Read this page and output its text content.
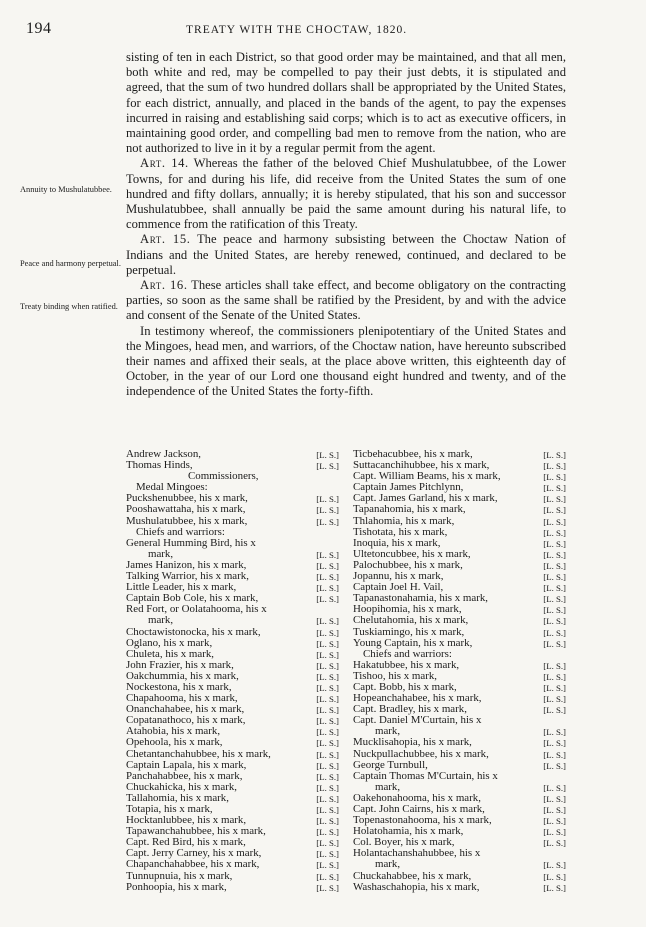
194	TREATY WITH THE CHOCTAW, 1820.
Annuity to Mushulatubbee.
Peace and harmony perpetual.
Treaty binding when ratified.

sisting of ten in each District, so that good order may be maintained, and that all men, both white and red, may be compelled to pay their just debts, it is stipulated and agreed, that the sum of two hundred dollars shall be appropriated by the United States, for each district, annually, and placed in the bands of the agent, to pay the expenses incurred in raising and establishing said corps; which is to act as executive officers, in maintaining good order, and compelling bad men to remove from the nation, who are not authorized to live in it by a regular permit from the agent.

Art. 14. Whereas the father of the beloved Chief Mushulatubbee, of the Lower Towns, for and during his life, did receive from the United States the sum of one hundred and fifty dollars, annually; it is hereby stipulated, that his son and successor Mushulatubbee, shall annually be paid the same amount during his natural life, to commence from the ratification of this Treaty.

Art. 15. The peace and harmony subsisting between the Choctaw Nation of Indians and the United States, are hereby renewed, continued, and declared to be perpetual.

Art. 16. These articles shall take effect, and become obligatory on the contracting parties, so soon as the same shall be ratified by the President, by and with the advice and consent of the Senate of the United States.

In testimony whereof, the commissioners plenipotentiary of the United States and the Mingoes, head men, and warriors, of the Choctaw nation, have hereunto subscribed their names and affixed their seals, at the place above written, this eighteenth day of October, in the year of our Lord one thousand eight hundred and twenty, and of the independence of the United States the forty-fifth.

Andrew Jackson,	[L. S.]
Thomas Hinds,	[L. S.]
Commissioners,
Medal Mingoes:
Puckshenubbee, his x mark,	[L. S.]
Pooshawattaha, his x mark,	[L. S.]
Mushulatubbee, his x mark,	[L. S.]
Chiefs and warriors:
General Humming Bird, his x
mark,	[L. S.]
James Hanizon, his x mark,	[L. S.]
Talking Warrior, his x mark,	[L. S.]
Little Leader, his x mark,	[L. S.]
Captain Bob Cole, his x mark,	[L. S.]
Red Fort, or Oolatahooma, his x
mark,	[L. S.]
Choctawistonocka, his x mark,	[L. S.]
Oglano, his x mark,	[L. S.]
Chuleta, his x mark,	[L. S.]
John Frazier, his x mark,	[L. S.]
Oakchummia, his x mark,	[L. S.]
Nockestona, his x mark,	[L. S.]
Chapahooma, his x mark,	[L. S.]
Onanchahabee, his x mark,	[L. S.]
Copatanathoco, his x mark,	[L. S.]
Atahobia, his x mark,	[L. S.]
Opehoola, his x mark,	[L. S.]
Chetantanchahubbee, his x mark,	[L. S.]
Captain Lapala, his x mark,	[L. S.]
Panchahabbee, his x mark,	[L. S.]
Chuckahicka, his x mark,	[L. S.]
Tallahomia, his x mark,	[L. S.]
Totapia, his x mark,	[L. S.]
Hocktanlubbee, his x mark,	[L. S.]
Tapawanchahubbee, his x mark,	[L. S.]
Capt. Red Bird, his x mark,	[L. S.]
Capt. Jerry Carney, his x mark,	[L. S.]
Chapanchahabbee, his x mark,	[L. S.]
Tunnupnuia, his x mark,	[L. S.]
Ponhoopia, his x mark,	[L. S.]
Ticbehacubbee, his x mark,	[L. S.]
Suttacanchihubbee, his x mark,	[L. S.]
Capt. William Beams, his x mark,	[L. S.]
Captain James Pitchlynn,	[L. S.]
Capt. James Garland, his x mark,	[L. S.]
Tapanahomia, his x mark,	[L. S.]
Thlahomia, his x mark,	[L. S.]
Tishotata, his x mark,	[L. S.]
Inoquia, his x mark,	[L. S.]
Ultetoncubbee, his x mark,	[L. S.]
Palochubbee, his x mark,	[L. S.]
Jopannu, his x mark,	[L. S.]
Captain Joel H. Vail,	[L. S.]
Tapanastonahamia, his x mark,	[L. S.]
Hoopihomia, his x mark,	[L. S.]
Chelutahomia, his x mark,	[L. S.]
Tuskiamingo, his x mark,	[L. S.]
Young Captain, his x mark,	[L. S.]
Chiefs and warriors:
Hakatubbee, his x mark,	[L. S.]
Tishoo, his x mark,	[L. S.]
Capt. Bobb, his x mark,	[L. S.]
Hopeanchahabee, his x mark,	[L. S.]
Capt. Bradley, his x mark,	[L. S.]
Capt. Daniel M'Curtain, his x
mark,	[L. S.]
Mucklisahopia, his x mark,	[L. S.]
Nuckpullachubbee, his x mark,	[L. S.]
George Turnbull,	[L. S.]
Captain Thomas M'Curtain, his x
mark,	[L. S.]
Oakehonahooma, his x mark,	[L. S.]
Capt. John Cairns, his x mark,	[L. S.]
Topenastonahooma, his x mark,	[L. S.]
Holatohamia, his x mark,	[L. S.]
Col. Boyer, his x mark,	[L. S.]
Holantachanshahubbee, his x
mark,	[L. S.]
Chuckahabbee, his x mark,	[L. S.]
Washaschahopia, his x mark,	[L. S.]
